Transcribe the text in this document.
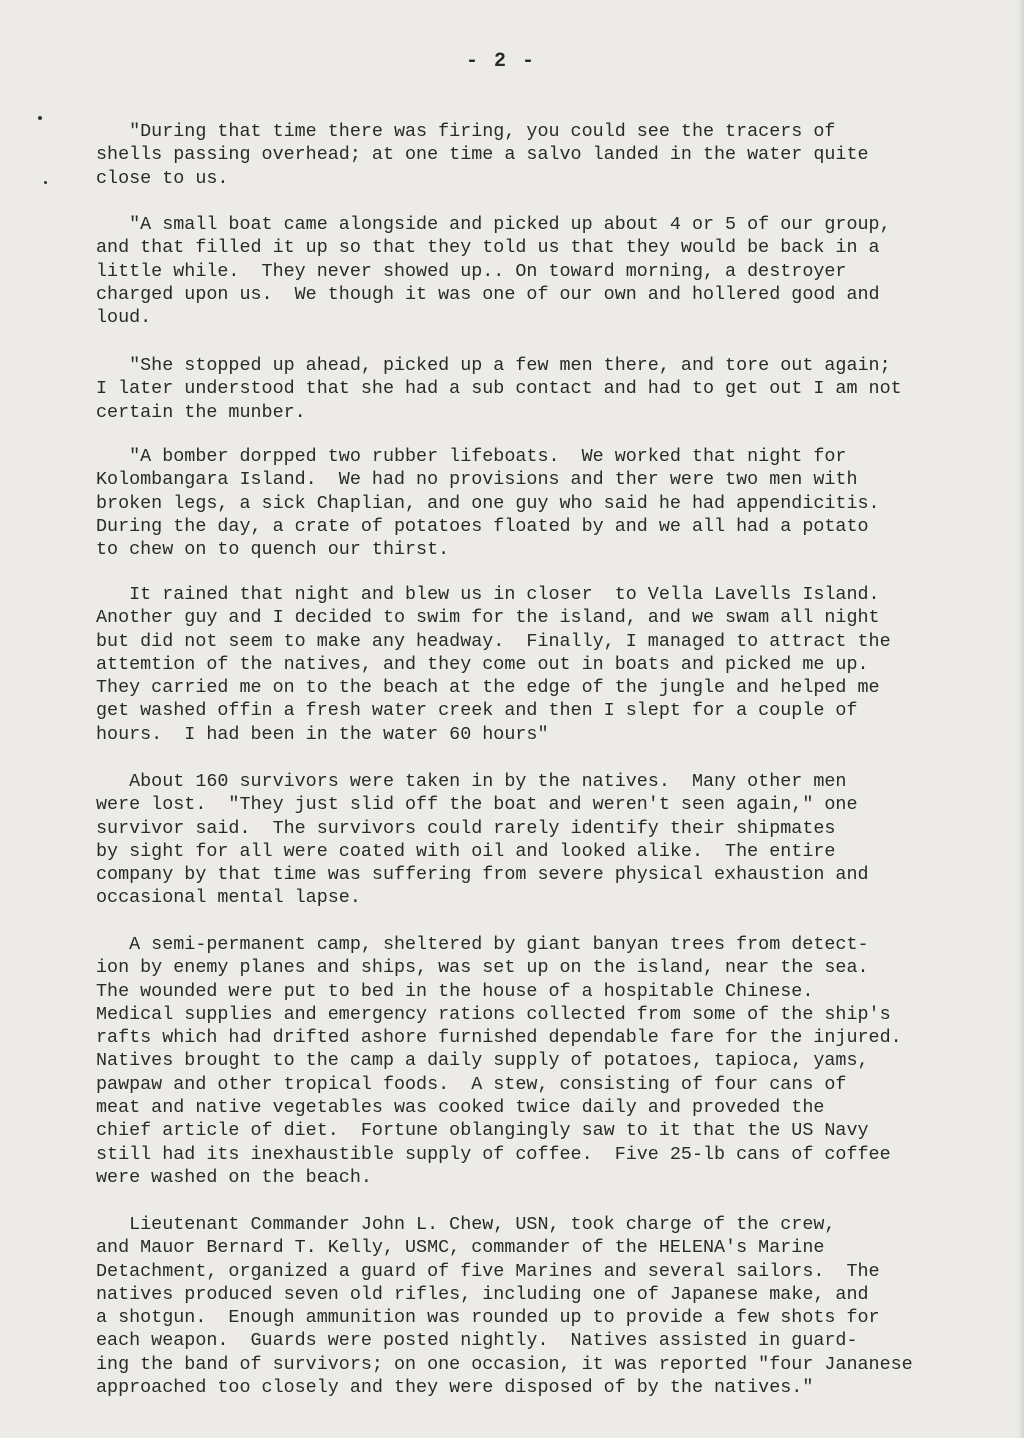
- 2 -

"During that time there was firing, you could see the tracers of
shells passing overhead; at one time a salvo landed in the water quite
close to us.

"A small boat came alongside and picked up about 4 or 5 of our group,
and that filled it up so that they told us that they would be back in a
little while.  They never showed up.. On toward morning, a destroyer
charged upon us.  We though it was one of our own and hollered good and
loud.

"She stopped up ahead, picked up a few men there, and tore out again;
I later understood that she had a sub contact and had to get out I am not
certain the munber.

"A bomber dorpped two rubber lifeboats.  We worked that night for
Kolombangara Island.  We had no provisions and ther were two men with
broken legs, a sick Chaplian, and one guy who said he had appendicitis.
During the day, a crate of potatoes floated by and we all had a potato
to chew on to quench our thirst.

It rained that night and blew us in closer  to Vella Lavells Island.
Another guy and I decided to swim for the island, and we swam all night
but did not seem to make any headway.  Finally, I managed to attract the
attemtion of the natives, and they come out in boats and picked me up.
They carried me on to the beach at the edge of the jungle and helped me
get washed offin a fresh water creek and then I slept for a couple of
hours.  I had been in the water 60 hours"

About 160 survivors were taken in by the natives.  Many other men
were lost.  "They just slid off the boat and weren't seen again," one
survivor said.  The survivors could rarely identify their shipmates
by sight for all were coated with oil and looked alike.  The entire
company by that time was suffering from severe physical exhaustion and
occasional mental lapse.

A semi-permanent camp, sheltered by giant banyan trees from detect-
ion by enemy planes and ships, was set up on the island, near the sea.
The wounded were put to bed in the house of a hospitable Chinese.
Medical supplies and emergency rations collected from some of the ship's
rafts which had drifted ashore furnished dependable fare for the injured.
Natives brought to the camp a daily supply of potatoes, tapioca, yams,
pawpaw and other tropical foods.  A stew, consisting of four cans of
meat and native vegetables was cooked twice daily and proveded the
chief article of diet.  Fortune oblangingly saw to it that the US Navy
still had its inexhaustible supply of coffee.  Five 25-lb cans of coffee
were washed on the beach.

Lieutenant Commander John L. Chew, USN, took charge of the crew,
and Mauor Bernard T. Kelly, USMC, commander of the HELENA's Marine
Detachment, organized a guard of five Marines and several sailors.  The
natives produced seven old rifles, including one of Japanese make, and
a shotgun.  Enough ammunition was rounded up to provide a few shots for
each weapon.  Guards were posted nightly.  Natives assisted in guard-
ing the band of survivors; on one occasion, it was reported "four Jananese
approached too closely and they were disposed of by the natives."
